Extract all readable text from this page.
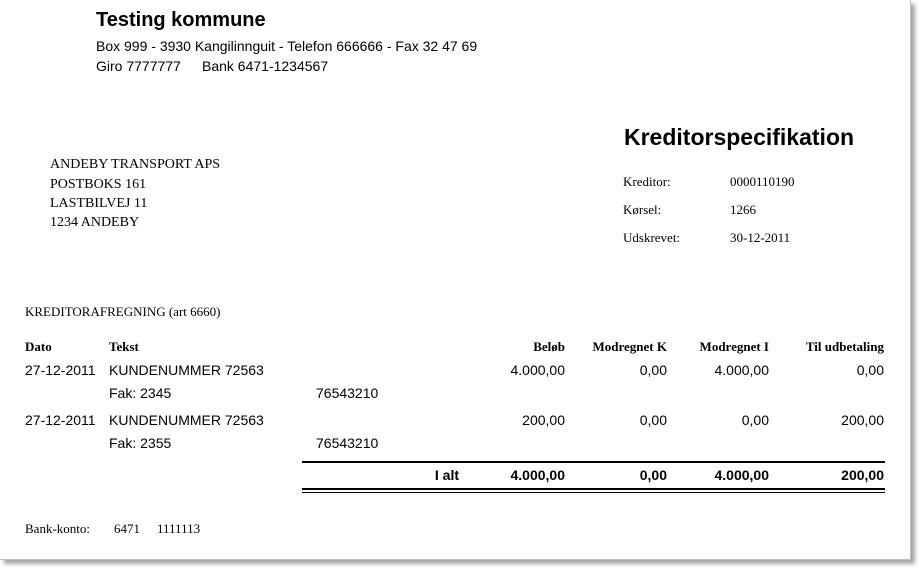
Testing kommune
Box 999 - 3930 Kangilinnguit - Telefon 666666 - Fax 32 47 69
Giro 7777777 Bank 6471-1234567
Kreditorspecifikation
ANDEBY TRANSPORT APS
POSTBOKS 161
LASTBILVEJ 11
1234 ANDEBY
Kreditor:	0000110190
Kørsel:	1266
Udskrevet:	30-12-2011
KREDITORAFREGNING (art 6660)
Dato	Tekst	Beløb	Modregnet K	Modregnet I	Til udbetaling
27-12-2011 KUNDENUMMER 72563	4.000,00	0,00	4.000,00	0,00
Fak: 2345	76543210
27-12-2011 KUNDENUMMER 72563	200,00	0,00	0,00	200,00
Fak: 2355	76543210
I alt	4.000,00	0,00	4.000,00	200,00
Bank-konto: 6471 1111113
